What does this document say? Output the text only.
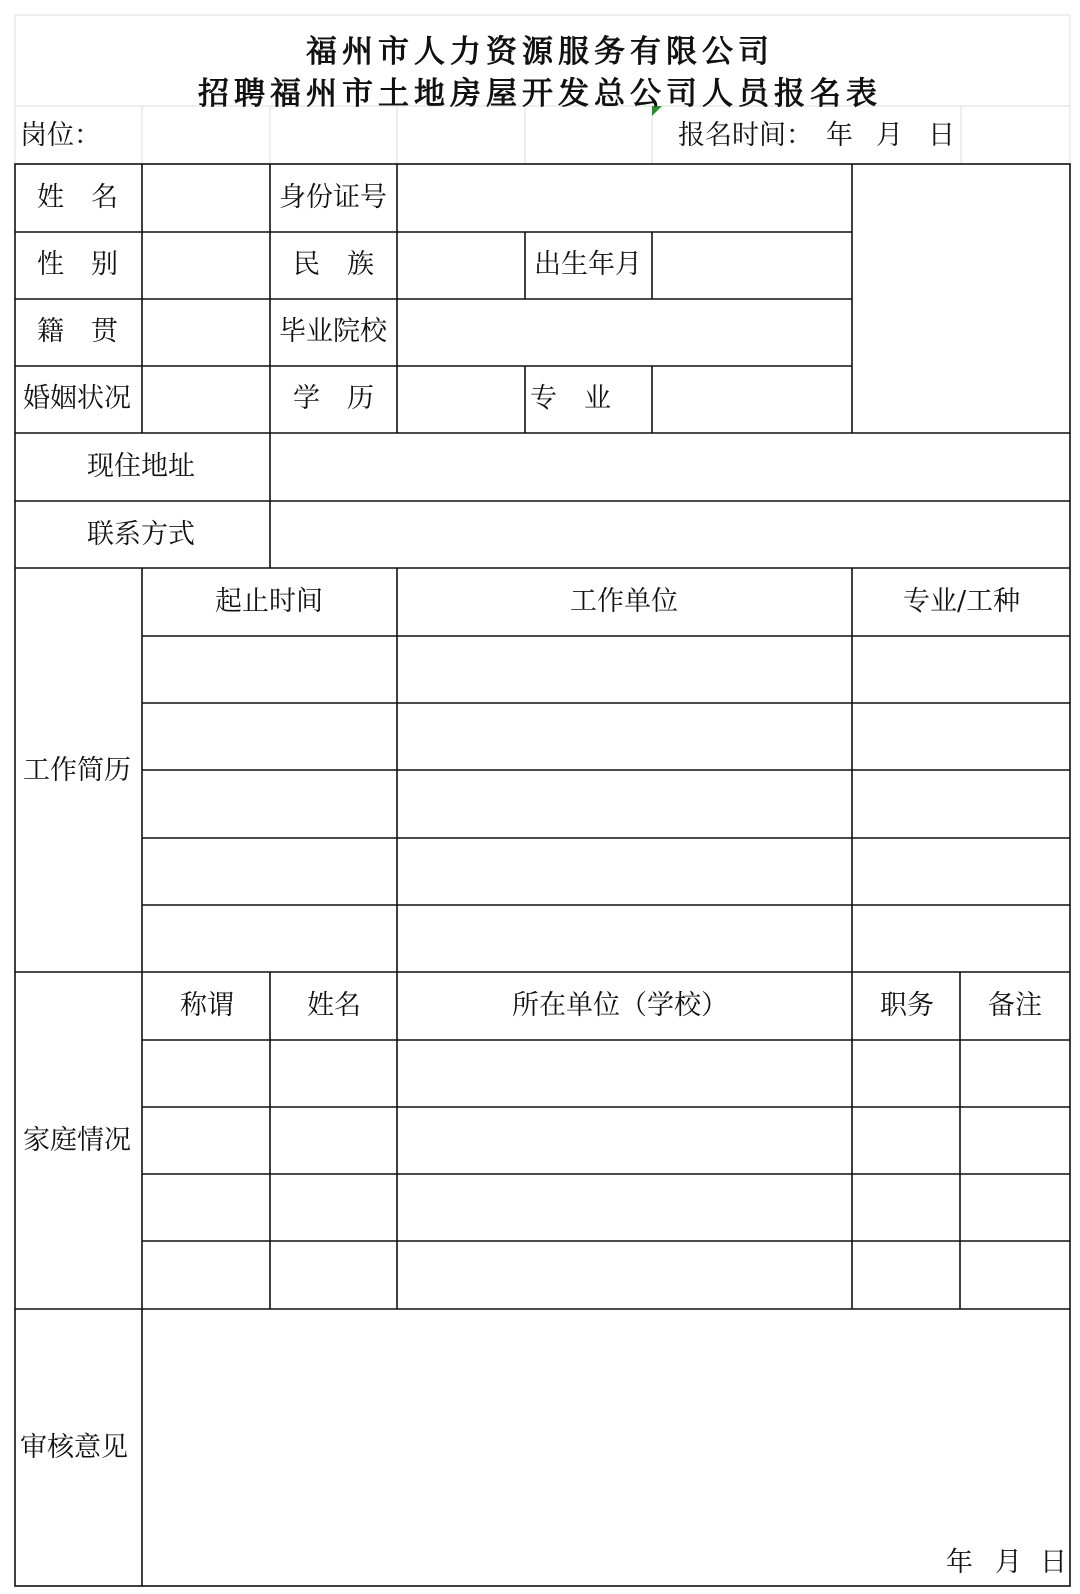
福州市人力资源服务有限公司
招聘福州市土地房屋开发总公司人员报名表
岗位：	报名时间： 年 月 日
姓　名	身份证号
性　别	民　族	出生年月
籍　贯	毕业院校
婚姻状况	学　历	专　业
现住地址
联系方式
工作简历
起止时间	工作单位	专业/工种
家庭情况
称谓	姓名	所在单位（学校）	职务 备注
审核意见
年 月 日
